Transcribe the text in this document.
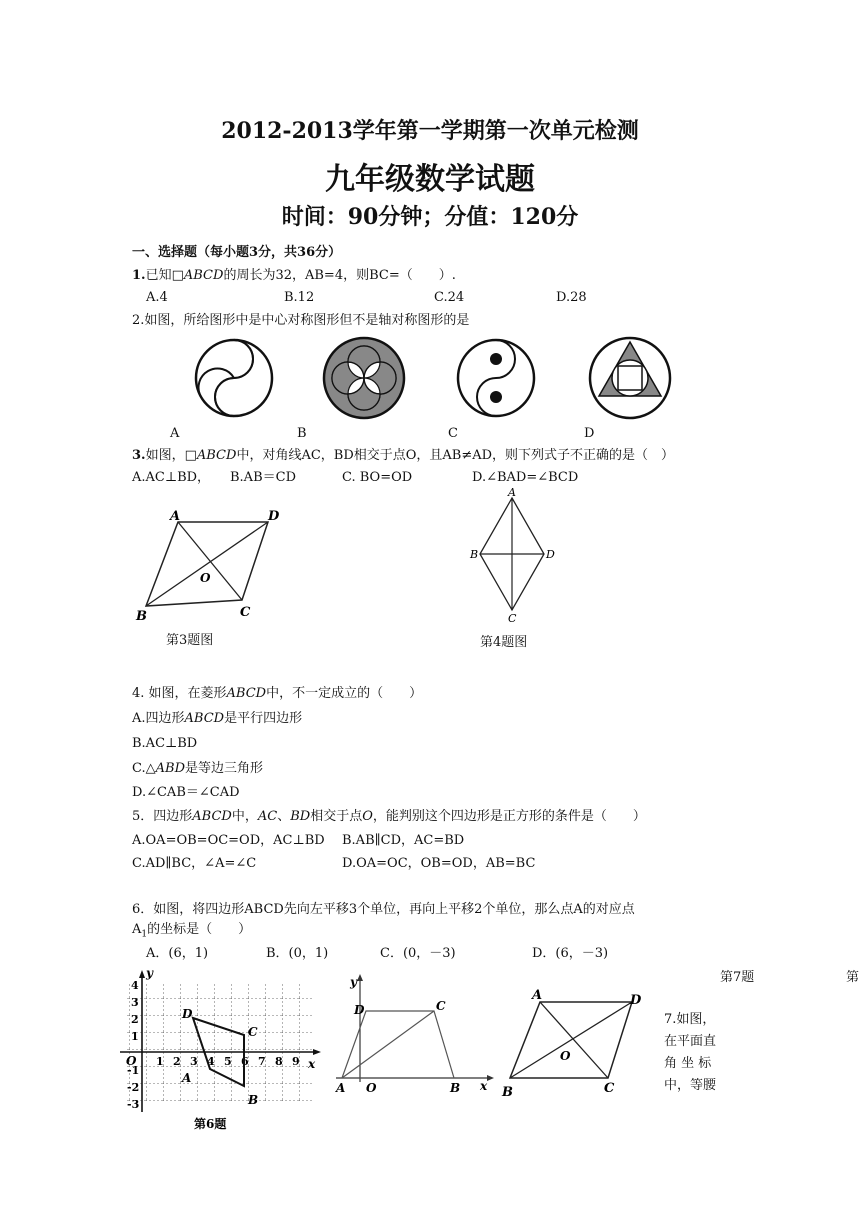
2012-2013学年第一学期第一次单元检测
九年级数学试题
时间：90分钟；分值：120分
一、选择题（每小题3分，共36分）
1.已知□ABCD的周长为32，AB=4，则BC=（　　）.
A.4	B.12	C.24	D.28
2.如图，所给图形中是中心对称图形但不是轴对称图形的是
A	B	C	D
3.如图，□ABCD中，对角线AC，BD相交于点O，且AB≠AD，则下列式子不正确的是（　）
A.AC⊥BD， B.AB＝CD	C. BO=OD	D.∠BAD=∠BCD
A	D
B	C
O
第3题图
A
B	D
C
第4题图
4. 如图，在菱形ABCD中，不一定成立的（　　）
A.四边形ABCD是平行四边形
B.AC⊥BD
C.△ABD是等边三角形
D.∠CAB＝∠CAD
5．四边形ABCD中，AC、BD相交于点O，能判别这个四边形是正方形的条件是（　　）
A.OA=OB=OC=OD，AC⊥BD B.AB∥CD，AC=BD
C.AD∥BC，∠A=∠C	D.OA=OC，OB=OD，AB=BC
6．如图，将四边形ABCD先向左平移3个单位，再向上平移2个单位，那么点A的对应点
$A_1$的坐标是（　　）
A．(6，1)	B．(0，1)	C．(0，－3)	D．(6，－3)
第7题	第
y
x
O 1 2 3 4 5 6 7 8 9
4
3
2
1
-1
-2
-3
A
B
C
D
第6题
y
x
D	C
A O	B
A	D
B	C
O
7.如图，
在平面直
角 坐 标
中，等腰
